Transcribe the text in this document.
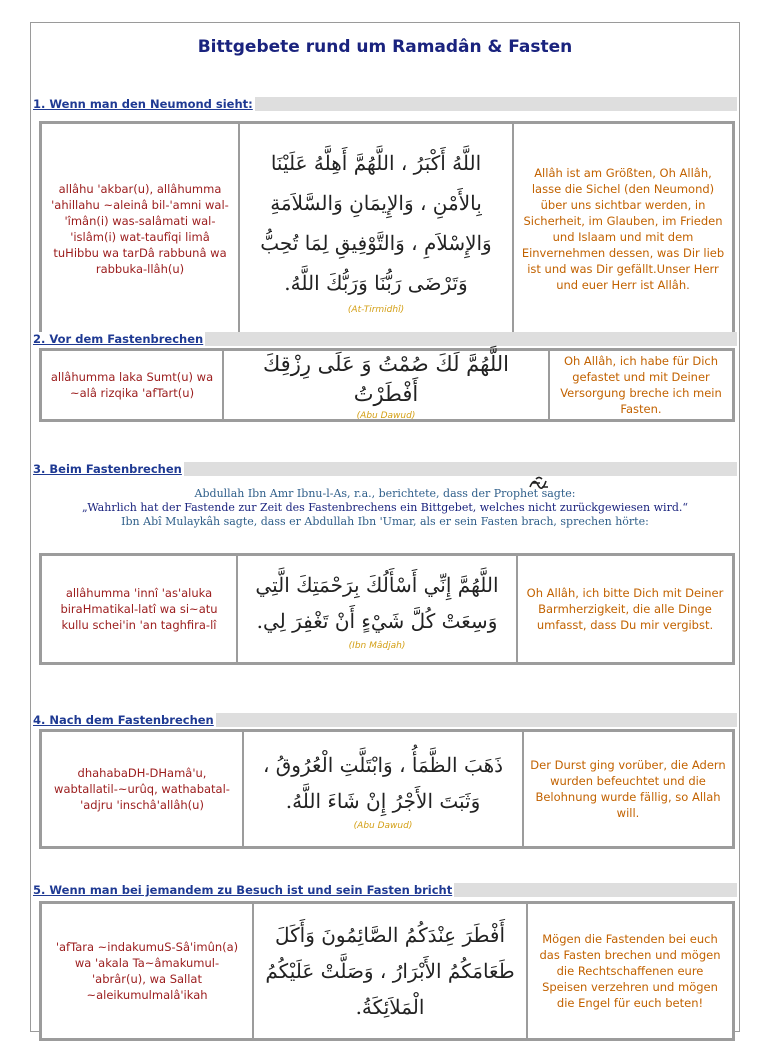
Bittgebete rund um Ramadân & Fasten
1. Wenn man den Neumond sieht:
allâhu 'akbar(u), allâhumma 'ahillahu ~aleinâ bil-'amni wal-'îmân(i) was-salâmati wal-'islâm(i) wat-taufîqi limâ tuHibbu wa tarDâ rabbunâ wa rabbuka-llâh(u)
اللَّهُ أَكْبَرُ ، اللَّهُمَّ أَهِلَّهُ عَلَيْنَا بِالأَمْنِ ، وَالإِيمَانِ وَالسَّلاَمَةِ وَالإِسْلاَمِ ، وَالتَّوْفِيقِ لِمَا تُحِبُّ وَتَرْضَى رَبُّنَا وَرَبُّكَ اللَّهُ.
(At-Tirmidhî)
Allâh ist am Größten, Oh Allâh, lasse die Sichel (den Neumond) über uns sichtbar werden, in Sicherheit, im Glauben, im Frieden und Islaam und mit dem Einvernehmen dessen, was Dir lieb ist und was Dir gefällt.Unser Herr und euer Herr ist Allâh.
2. Vor dem Fastenbrechen
allâhumma laka Sumt(u) wa ~alâ rizqika 'afTart(u)
اللَّهُمَّ لَكَ صُمْتُ وَ عَلَى رِزْقِكَ أَفْطَرْتُ
(Abu Dawud)
Oh Allâh, ich habe für Dich gefastet und mit Deiner Versorgung breche ich mein Fasten.
3. Beim Fastenbrechen
Abdullah Ibn Amr Ibnu-l-As, r.a., berichtete, dass der Prophet sagte:
„Wahrlich hat der Fastende zur Zeit des Fastenbrechens ein Bittgebet, welches nicht zurückgewiesen wird.“
Ibn Abî Mulaykâh sagte, dass er Abdullah Ibn 'Umar, als er sein Fasten brach, sprechen hörte:
allâhumma 'innî 'as'aluka biraHmatikal-latî wa si~atu kullu schei'in 'an taghfira-lî
اللَّهُمَّ إِنِّي أَسْأَلُكَ بِرَحْمَتِكَ الَّتِي وَسِعَتْ كُلَّ شَيْءٍ أَنْ تَغْفِرَ لِي.
(Ibn Mâdjah)
Oh Allâh, ich bitte Dich mit Deiner Barmherzigkeit, die alle Dinge umfasst, dass Du mir vergibst.
4. Nach dem Fastenbrechen
dhahabaDH-DHamâ'u, wabtallatil-~urûq, wathabatal-'adjru 'inschâ'allâh(u)
ذَهَبَ الظَّمَأُ ، وَابْتَلَّتِ الْعُرُوقُ ، وَثَبَتَ الأَجْرُ إِنْ شَاءَ اللَّهُ.
(Abu Dawud)
Der Durst ging vorüber, die Adern wurden befeuchtet und die Belohnung wurde fällig, so Allah will.
5. Wenn man bei jemandem zu Besuch ist und sein Fasten bricht
'afTara ~indakumuS-Sâ'imûn(a) wa 'akala Ta~âmakumul-'abrâr(u), wa Sallat ~aleikumulmalâ'ikah
أَفْطَرَ عِنْدَكُمُ الصَّائِمُونَ وَأَكَلَ طَعَامَكُمُ الأَبْرَارُ ، وَصَلَّتْ عَلَيْكُمُ الْمَلاَئِكَةُ.
Mögen die Fastenden bei euch das Fasten brechen und mögen die Rechtschaffenen eure Speisen verzehren und mögen die Engel für euch beten!
